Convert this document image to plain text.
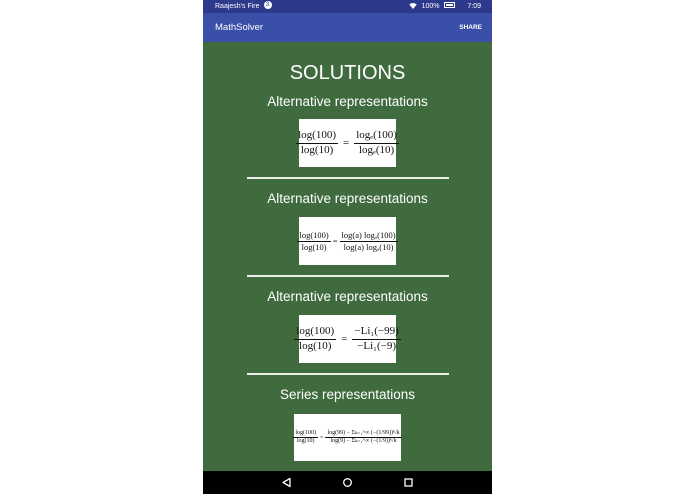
Raajesh's Fire 3	100%	7:09
MathSolver	SHARE
SOLUTIONS
Alternative representations
$\frac{\log(100)}{\log(10)} = \frac{\text{logₑ(100)}}{\text{logₑ(10)}}$
Alternative representations
$\frac{\log(100)}{\log(10)} = \frac{\text{log(a) logₐ(100)}}{\text{log(a) logₐ(10)}}$
Alternative representations
$\frac{\log(100)}{\log(10)} = \frac{\text{−Li₁(−99)}}{\text{−Li₁(−9)}}$
Series representations
$\frac{\log(100)}{\log(10)} = \frac{\text{log(99) − Σₖ₌₁\textasciicircum{}∞ (−(1/99))ᵏ/k}}{\text{log(9) − Σₖ₌₁\textasciicircum{}∞ (−(1/9))ᵏ/k}}$
